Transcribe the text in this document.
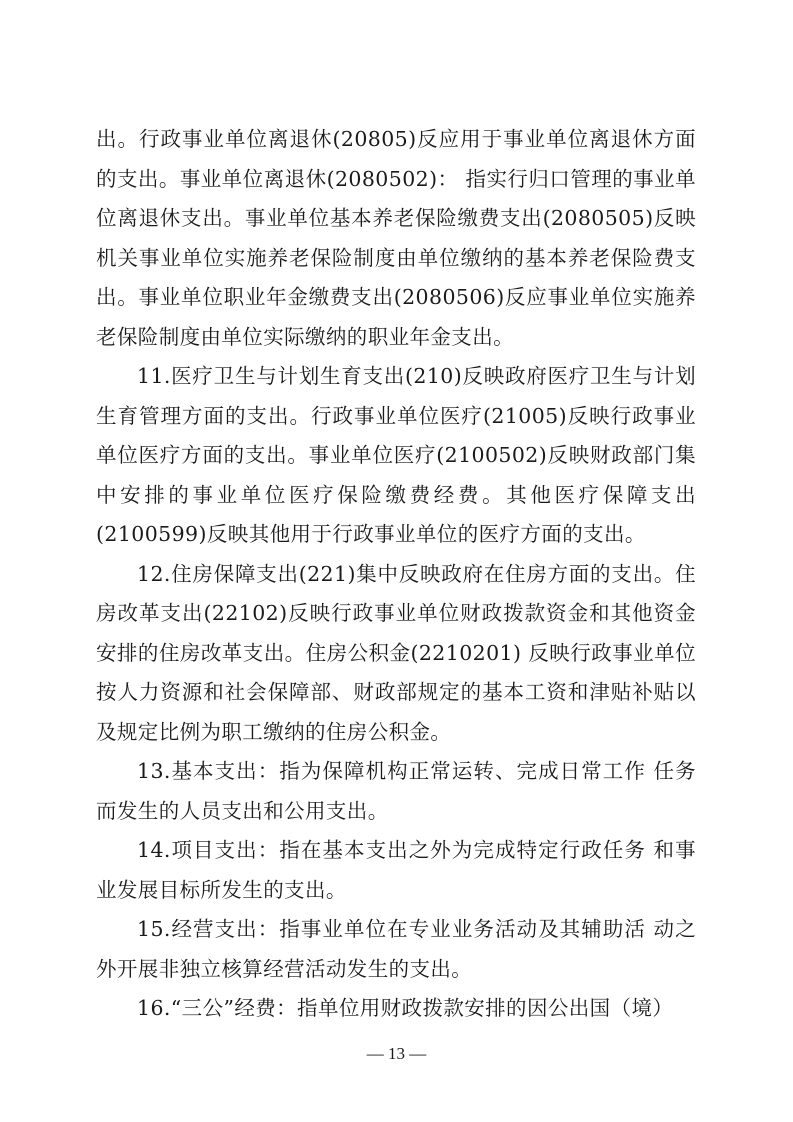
出。行政事业单位离退休(20805)反应用于事业单位离退休方面的支出。事业单位离退休(2080502)： 指实行归口管理的事业单位离退休支出。事业单位基本养老保险缴费支出(2080505)反映机关事业单位实施养老保险制度由单位缴纳的基本养老保险费支出。事业单位职业年金缴费支出(2080506)反应事业单位实施养老保险制度由单位实际缴纳的职业年金支出。

11.医疗卫生与计划生育支出(210)反映政府医疗卫生与计划生育管理方面的支出。行政事业单位医疗(21005)反映行政事业单位医疗方面的支出。事业单位医疗(2100502)反映财政部门集中安排的事业单位医疗保险缴费经费。其他医疗保障支出(2100599)反映其他用于行政事业单位的医疗方面的支出。

12.住房保障支出(221)集中反映政府在住房方面的支出。住房改革支出(22102)反映行政事业单位财政拨款资金和其他资金安排的住房改革支出。住房公积金(2210201) 反映行政事业单位按人力资源和社会保障部、财政部规定的基本工资和津贴补贴以及规定比例为职工缴纳的住房公积金。

13.基本支出：指为保障机构正常运转、完成日常工作 任务而发生的人员支出和公用支出。

14.项目支出：指在基本支出之外为完成特定行政任务 和事业发展目标所发生的支出。

15.经营支出：指事业单位在专业业务活动及其辅助活 动之外开展非独立核算经营活动发生的支出。

16.“三公”经费：指单位用财政拨款安排的因公出国（境）

— 13 —
